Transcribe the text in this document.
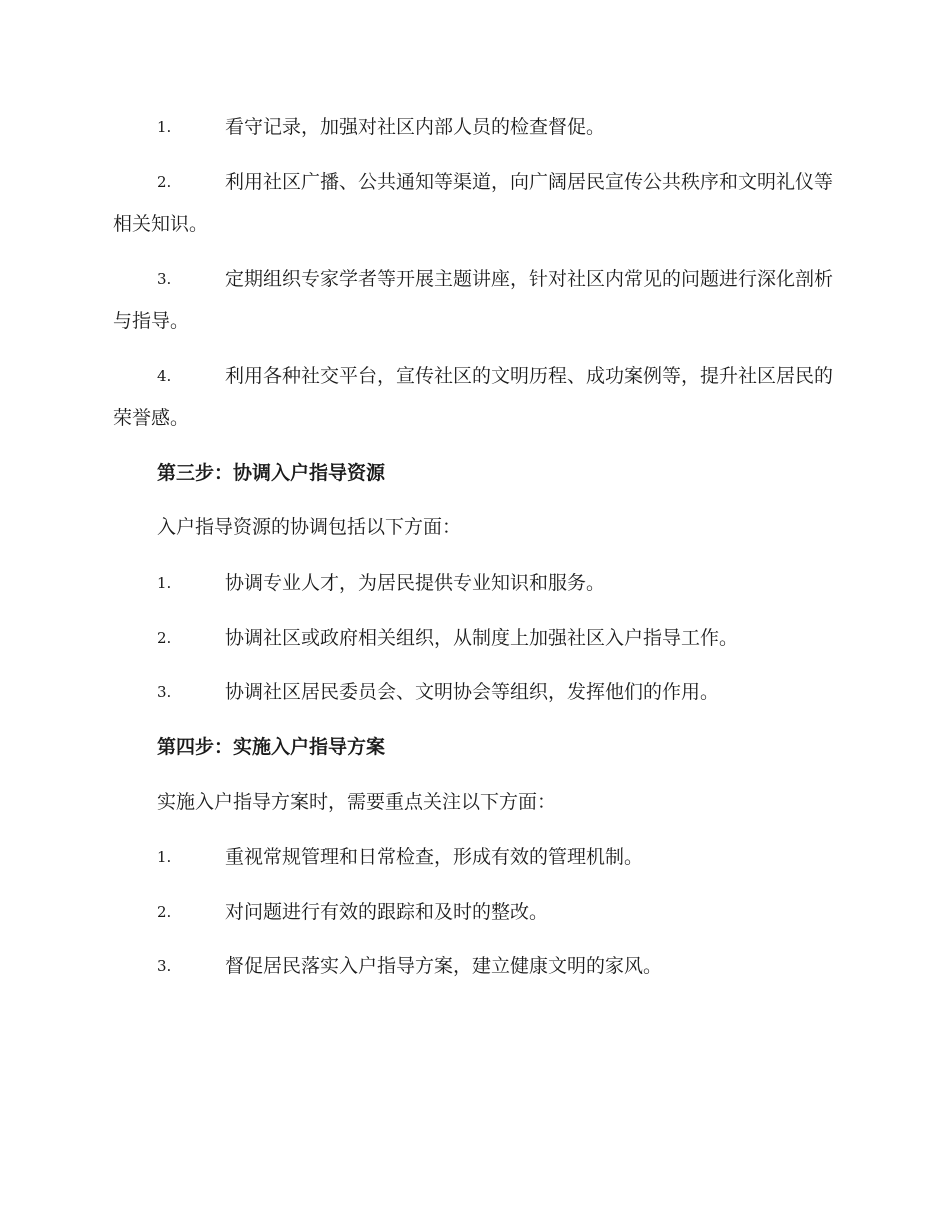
1.	看守记录，加强对社区内部人员的检查督促。
2.	利用社区广播、公共通知等渠道，向广阔居民宣传公共秩序和文明礼仪等相关知识。
3.	定期组织专家学者等开展主题讲座，针对社区内常见的问题进行深化剖析与指导。
4.	利用各种社交平台，宣传社区的文明历程、成功案例等，提升社区居民的荣誉感。
第三步：协调入户指导资源
入户指导资源的协调包括以下方面：
1.	协调专业人才，为居民提供专业知识和服务。
2.	协调社区或政府相关组织，从制度上加强社区入户指导工作。
3.	协调社区居民委员会、文明协会等组织，发挥他们的作用。
第四步：实施入户指导方案
实施入户指导方案时，需要重点关注以下方面：
1.	重视常规管理和日常检查，形成有效的管理机制。
2.	对问题进行有效的跟踪和及时的整改。
3.	督促居民落实入户指导方案，建立健康文明的家风。
